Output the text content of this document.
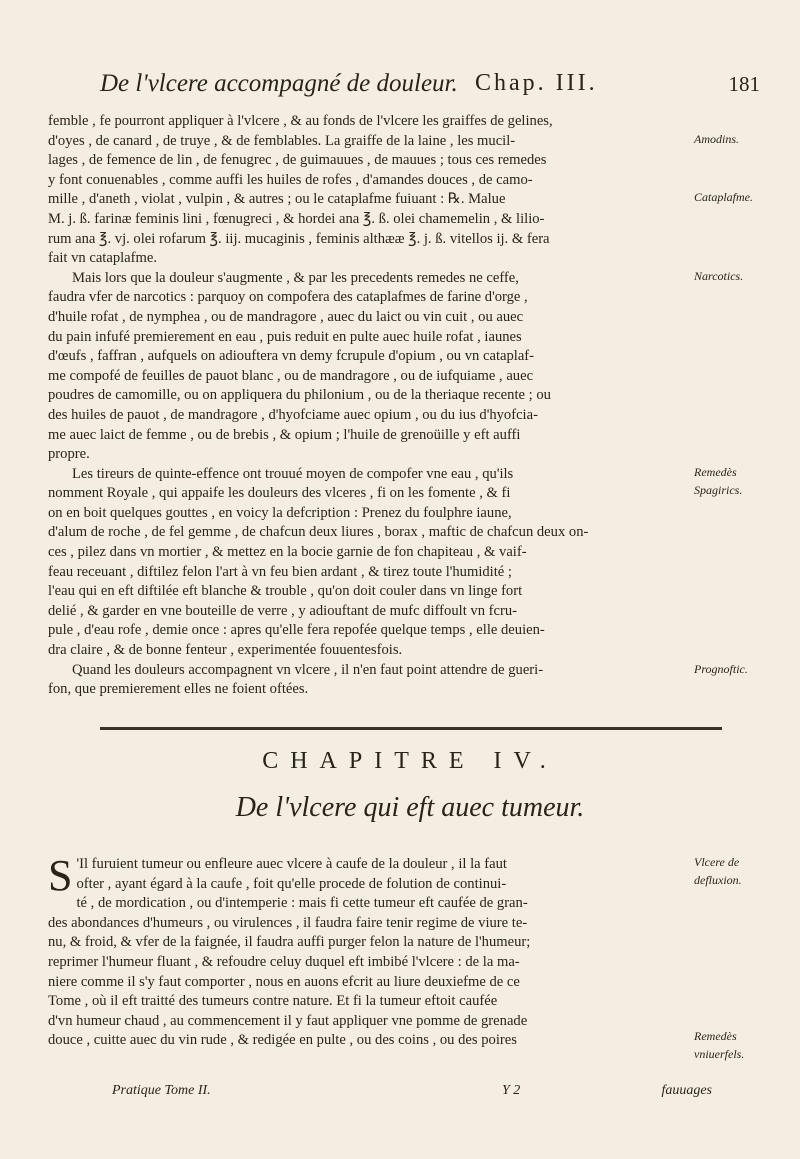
De l'vlcere accompagné de douleur. Chap. III.	181
femble , fe pourront appliquer à l'vlcere , & au fonds de l'vlcere les graiffes de gelines,
d'oyes , de canard , de truye , & de femblables. La graiffe de la laine , les mucil-
lages , de femence de lin , de fenugrec , de guimauues , de mauues ; tous ces remedes
y font conuenables , comme auffi les huiles de rofes , d'amandes douces , de camo-
mille , d'aneth , violat , vulpin , & autres ; ou le cataplafme fuiuant : ℞. Malue
M. j. ß. farinæ feminis lini , fœnugreci , & hordei ana ℥. ß. olei chamemelin , & lilio-
rum ana ℥. vj. olei rofarum ℥. iij. mucaginis , feminis althææ ℥. j. ß. vitellos ij. & fera
fait vn cataplafme.
Mais lors que la douleur s'augmente , & par les precedents remedes ne ceffe,
faudra vfer de narcotics : parquoy on compofera des cataplafmes de farine d'orge ,
d'huile rofat , de nymphea , ou de mandragore , auec du laict ou vin cuit , ou auec
du pain infufé premierement en eau , puis reduit en pulte auec huile rofat , iaunes
d'œufs , faffran , aufquels on adiouftera vn demy fcrupule d'opium , ou vn cataplaf-
me compofé de feuilles de pauot blanc , ou de mandragore , ou de iufquiame , auec
poudres de camomille, ou on appliquera du philonium , ou de la theriaque recente ; ou
des huiles de pauot , de mandragore , d'hyofciame auec opium , ou du ius d'hyofcia-
me auec laict de femme , ou de brebis , & opium ; l'huile de grenoüille y eft auffi
propre.
Les tireurs de quinte-effence ont trouué moyen de compofer vne eau , qu'ils
nomment Royale , qui appaife les douleurs des vlceres , fi on les fomente , & fi
on en boit quelques gouttes , en voicy la defcription : Prenez du foulphre iaune,
d'alum de roche , de fel gemme , de chafcun deux liures , borax , maftic de chafcun deux on-
ces , pilez dans vn mortier , & mettez en la bocie garnie de fon chapiteau , & vaif-
feau receuant , diftilez felon l'art à vn feu bien ardant , & tirez toute l'humidité ;
l'eau qui en eft diftilée eft blanche & trouble , qu'on doit couler dans vn linge fort
delié , & garder en vne bouteille de verre , y adiouftant de mufc diffoult vn fcru-
pule , d'eau rofe , demie once : apres qu'elle fera repofée quelque temps , elle deuien-
dra claire , & de bonne fenteur , experimentée fouuentesfois.
Quand les douleurs accompagnent vn vlcere , il n'en faut point attendre de gueri-
fon, que premierement elles ne foient oftées.
Amodins.
Cataplafme.
Narcotics.
Remedès
Spagirics.
Prognoftic.
Vlcere de
defluxion.
Remedès
vniuerfels.
CHAPITRE IV.
De l'vlcere qui eft auec tumeur.
S 'Il furuient tumeur ou enfleure auec vlcere à caufe de la douleur , il la faut
ofter , ayant égard à la caufe , foit qu'elle procede de folution de continui-
té , de mordication , ou d'intemperie : mais fi cette tumeur eft caufée de gran-
des abondances d'humeurs , ou virulences , il faudra faire tenir regime de viure te-
nu, & froid, & vfer de la faignée, il faudra auffi purger felon la nature de l'humeur;
reprimer l'humeur fluant , & refoudre celuy duquel eft imbibé l'vlcere : de la ma-
niere comme il s'y faut comporter , nous en auons efcrit au liure deuxiefme de ce
Tome , où il eft traitté des tumeurs contre nature. Et fi la tumeur eftoit caufée
d'vn humeur chaud , au commencement il y faut appliquer vne pomme de grenade
douce , cuitte auec du vin rude , & redigée en pulte , ou des coins , ou des poires
Pratique Tome II.	Y 2	fauuages
